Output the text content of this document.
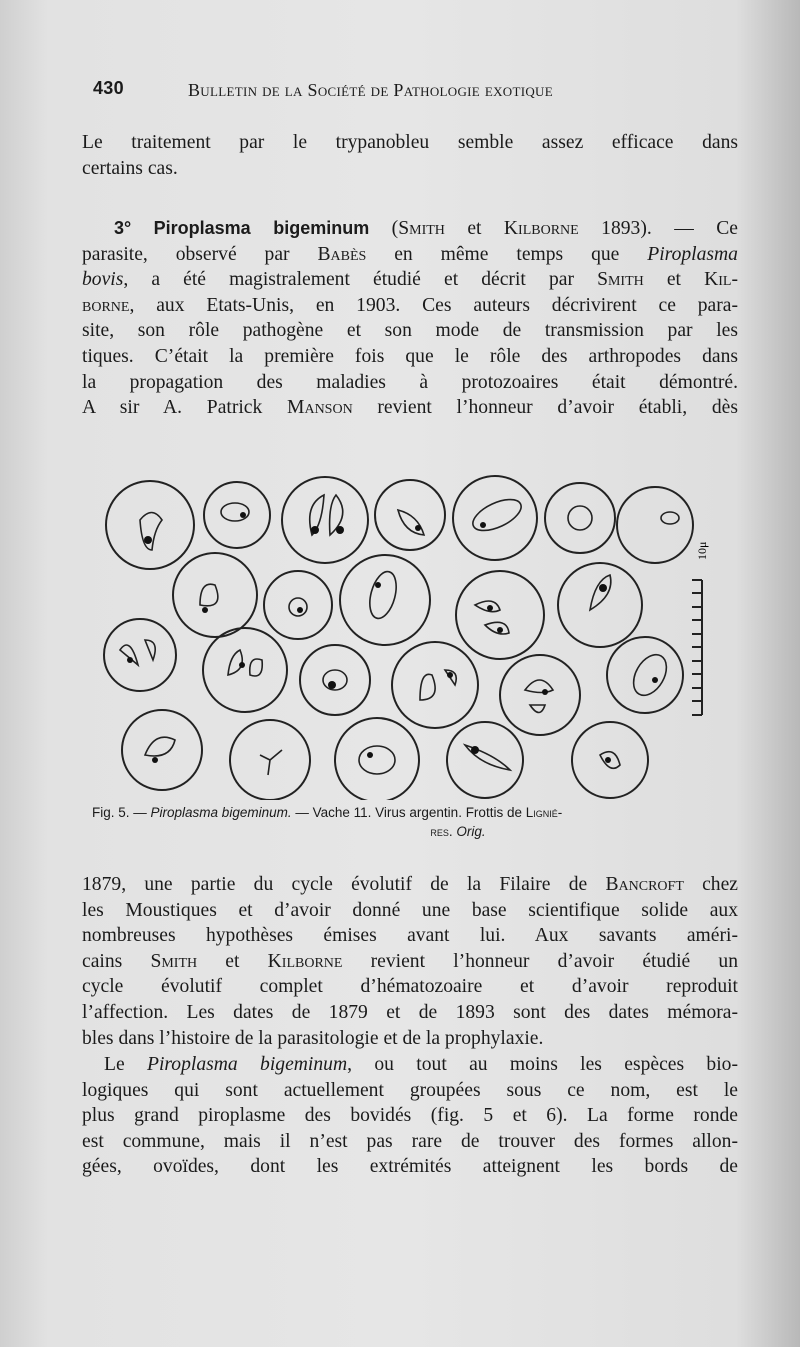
430	Bulletin de la Société de Pathologie exotique
Le traitement par le trypanobleu semble assez efficace dans
certains cas.
3° Piroplasma bigeminum (Smith et Kilborne 1893). — Ce
parasite, observé par Babès en même temps que Piroplasma
bovis, a été magistralement étudié et décrit par Smith et Kil-
borne, aux Etats-Unis, en 1903. Ces auteurs décrivirent ce para-
site, son rôle pathogène et son mode de transmission par les
tiques. C’était la première fois que le rôle des arthropodes dans
la propagation des maladies à protozoaires était démontré.
A sir A. Patrick Manson revient l’honneur d’avoir établi, dès
10μ
Fig. 5. — Piroplasma bigeminum. — Vache 11. Virus argentin. Frottis de Lignié-
res. Orig.
1879, une partie du cycle évolutif de la Filaire de Bancroft chez
les Moustiques et d’avoir donné une base scientifique solide aux
nombreuses hypothèses émises avant lui. Aux savants améri-
cains Smith et Kilborne revient l’honneur d’avoir étudié un
cycle évolutif complet d’hématozoaire et d’avoir reproduit
l’affection. Les dates de 1879 et de 1893 sont des dates mémora-
bles dans l’histoire de la parasitologie et de la prophylaxie.
Le Piroplasma bigeminum, ou tout au moins les espèces bio-
logiques qui sont actuellement groupées sous ce nom, est le
plus grand piroplasme des bovidés (fig. 5 et 6). La forme ronde
est commune, mais il n’est pas rare de trouver des formes allon-
gées, ovoïdes, dont les extrémités atteignent les bords de
